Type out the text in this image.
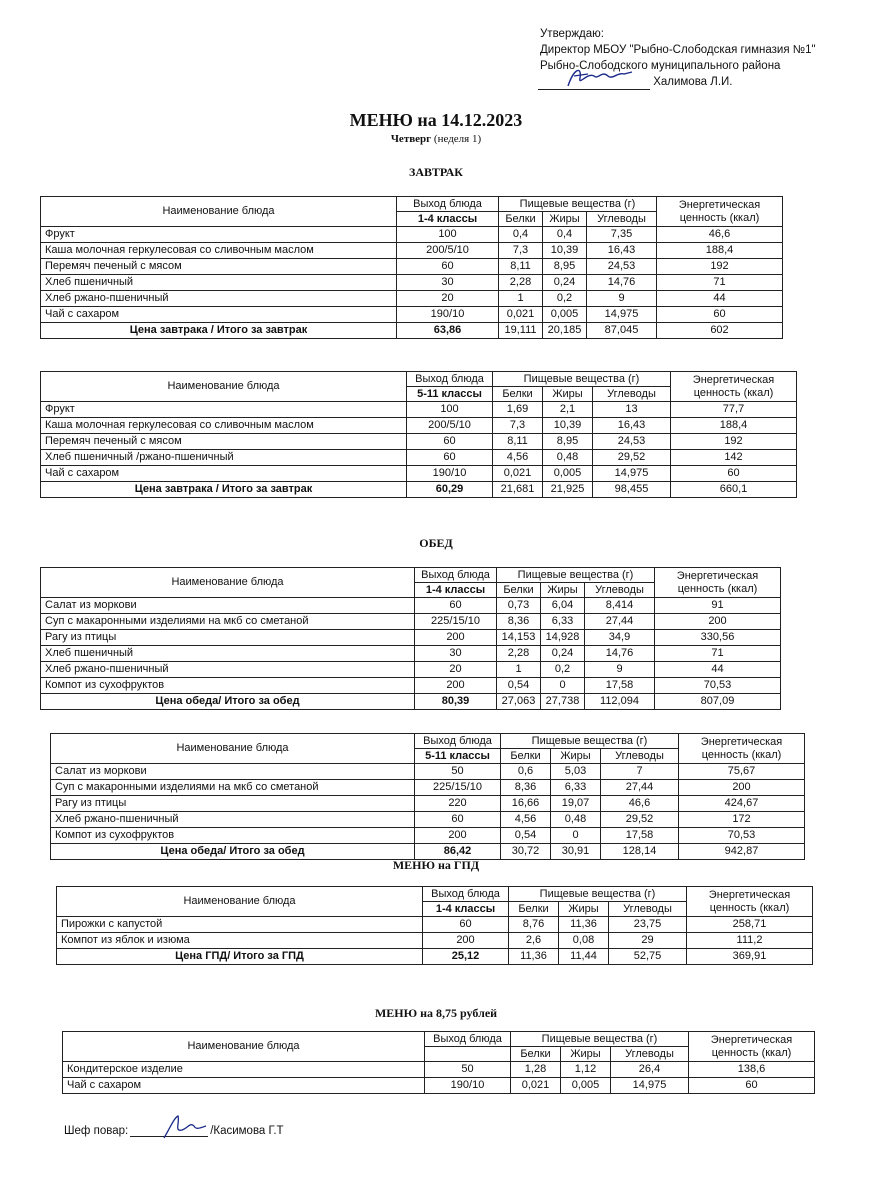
Утверждаю:
Директор МБОУ "Рыбно-Слободская гимназия №1"
Рыбно-Слободского муниципального района
Халимова Л.И.
МЕНЮ на 14.12.2023
Четверг (неделя 1)
ЗАВТРАК
ОБЕД
МЕНЮ на ГПД
МЕНЮ на 8,75 рублей
Наименование блюда	Выход блюда	Пищевые вещества (г)			Энергетическая ценность (ккал)
	1-4 классы	Белки	Жиры	Углеводы	
Фрукт	100	0,4	0,4	7,35	46,6
Каша молочная геркулесовая со сливочным маслом	200/5/10	7,3	10,39	16,43	188,4
Перемяч печеный с мясом	60	8,11	8,95	24,53	192
Хлеб пшеничный	30	2,28	0,24	14,76	71
Хлеб ржано-пшеничный	20	1	0,2	9	44
Чай с сахаром	190/10	0,021	0,005	14,975	60
Цена завтрака / Итого за завтрак	63,86	19,111	20,185	87,045	602
Наименование блюда	Выход блюда	Пищевые вещества (г)			Энергетическая ценность (ккал)
	5-11 классы	Белки	Жиры	Углеводы	
Фрукт	100	1,69	2,1	13	77,7
Каша молочная геркулесовая со сливочным маслом	200/5/10	7,3	10,39	16,43	188,4
Перемяч печеный с мясом	60	8,11	8,95	24,53	192
Хлеб пшеничный /ржано-пшеничный	60	4,56	0,48	29,52	142
Чай с сахаром	190/10	0,021	0,005	14,975	60
Цена завтрака / Итого за завтрак	60,29	21,681	21,925	98,455	660,1
Наименование блюда	Выход блюда	Пищевые вещества (г)			Энергетическая ценность (ккал)
	1-4 классы	Белки	Жиры	Углеводы	
Салат из моркови	60	0,73	6,04	8,414	91
Суп с макаронными изделиями на мкб со сметаной	225/15/10	8,36	6,33	27,44	200
Рагу из птицы	200	14,153	14,928	34,9	330,56
Хлеб пшеничный	30	2,28	0,24	14,76	71
Хлеб ржано-пшеничный	20	1	0,2	9	44
Компот из сухофруктов	200	0,54	0	17,58	70,53
Цена обеда/ Итого за обед	80,39	27,063	27,738	112,094	807,09
Наименование блюда	Выход блюда	Пищевые вещества (г)			Энергетическая ценность (ккал)
	5-11 классы	Белки	Жиры	Углеводы	
Салат из моркови	50	0,6	5,03	7	75,67
Суп с макаронными изделиями на мкб со сметаной	225/15/10	8,36	6,33	27,44	200
Рагу из птицы	220	16,66	19,07	46,6	424,67
Хлеб ржано-пшеничный	60	4,56	0,48	29,52	172
Компот из сухофруктов	200	0,54	0	17,58	70,53
Цена обеда/ Итого за обед	86,42	30,72	30,91	128,14	942,87
Наименование блюда	Выход блюда	Пищевые вещества (г)			Энергетическая ценность (ккал)
	1-4 классы	Белки	Жиры	Углеводы	
Пирожки с капустой	60	8,76	11,36	23,75	258,71
Компот из яблок и изюма	200	2,6	0,08	29	111,2
Цена ГПД/ Итого за ГПД	25,12	11,36	11,44	52,75	369,91
Наименование блюда	Выход блюда	Пищевые вещества (г)			Энергетическая ценность (ккал)
		Белки	Жиры	Углеводы	
Кондитерское изделие	50	1,28	1,12	26,4	138,6
Чай с сахаром	190/10	0,021	0,005	14,975	60
Шеф повар:	/Касимова Г.Т
